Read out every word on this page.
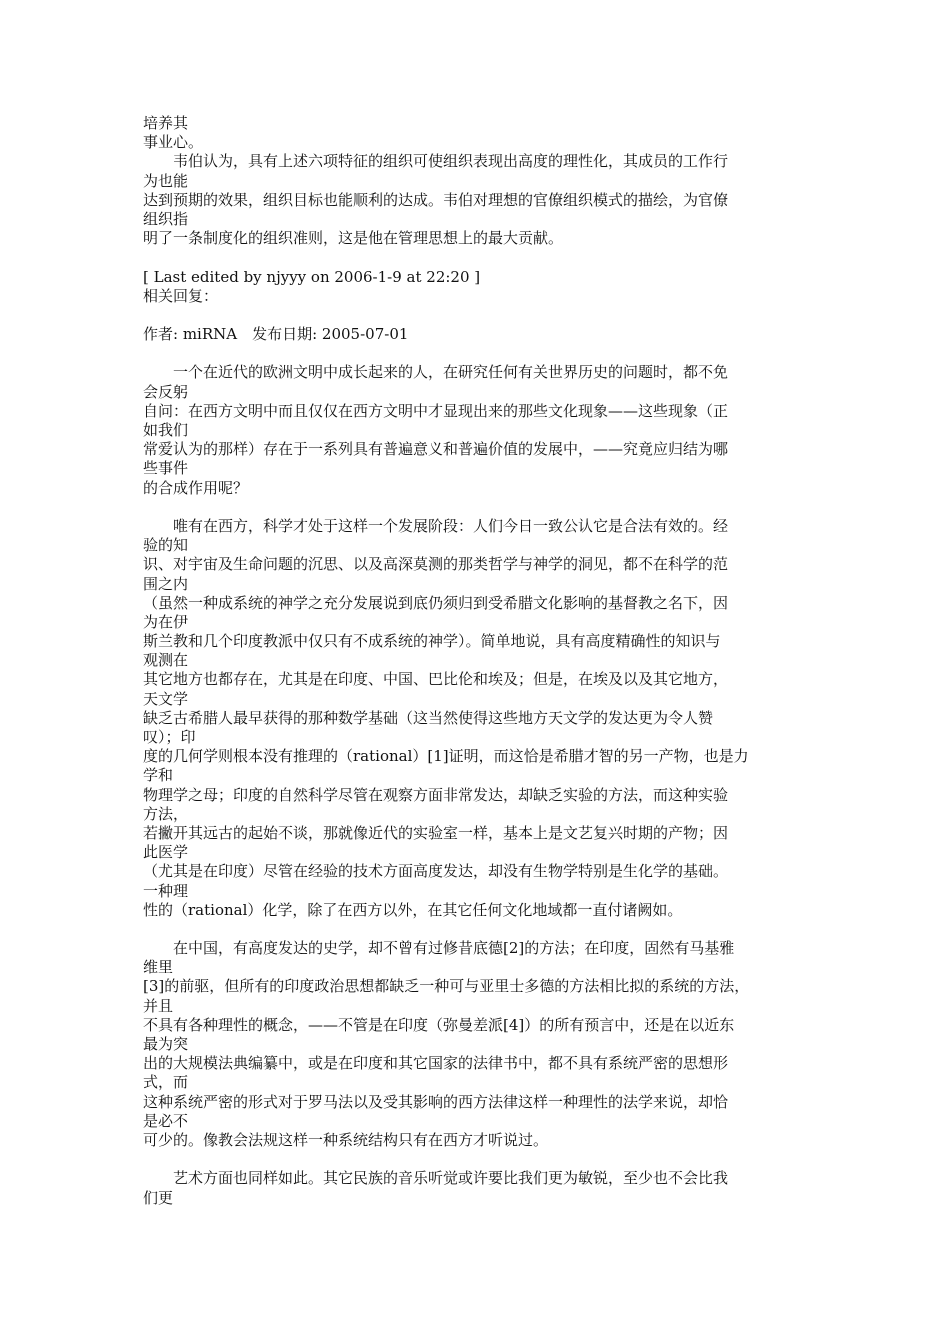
培养其
事业心。
　　韦伯认为，具有上述六项特征的组织可使组织表现出高度的理性化，其成员的工作行
为也能
达到预期的效果，组织目标也能顺利的达成。韦伯对理想的官僚组织模式的描绘，为官僚
组织指
明了一条制度化的组织准则，这是他在管理思想上的最大贡献。
[ Last edited by njyyy on 2006-1-9 at 22:20 ]
相关回复：
作者: miRNA　发布日期: 2005-07-01
　　一个在近代的欧洲文明中成长起来的人，在研究任何有关世界历史的问题时，都不免
会反躬
自问：在西方文明中而且仅仅在西方文明中才显现出来的那些文化现象——这些现象（正
如我们
常爱认为的那样）存在于一系列具有普遍意义和普遍价值的发展中，——究竟应归结为哪
些事件
的合成作用呢？
　　唯有在西方，科学才处于这样一个发展阶段：人们今日一致公认它是合法有效的。经
验的知
识、对宇宙及生命问题的沉思、以及高深莫测的那类哲学与神学的洞见，都不在科学的范
围之内
（虽然一种成系统的神学之充分发展说到底仍须归到受希腊文化影响的基督教之名下，因
为在伊
斯兰教和几个印度教派中仅只有不成系统的神学）。简单地说，具有高度精确性的知识与
观测在
其它地方也都存在，尤其是在印度、中国、巴比伦和埃及；但是，在埃及以及其它地方，
天文学
缺乏古希腊人最早获得的那种数学基础（这当然使得这些地方天文学的发达更为令人赞
叹）；印
度的几何学则根本没有推理的（rational）[1]证明，而这恰是希腊才智的另一产物，也是力
学和
物理学之母；印度的自然科学尽管在观察方面非常发达，却缺乏实验的方法，而这种实验
方法，
若撇开其远古的起始不谈，那就像近代的实验室一样，基本上是文艺复兴时期的产物；因
此医学
（尤其是在印度）尽管在经验的技术方面高度发达，却没有生物学特别是生化学的基础。
一种理
性的（rational）化学，除了在西方以外，在其它任何文化地域都一直付诸阙如。
　　在中国，有高度发达的史学，却不曾有过修昔底德[2]的方法；在印度，固然有马基雅
维里
[3]的前驱，但所有的印度政治思想都缺乏一种可与亚里士多德的方法相比拟的系统的方法，
并且
不具有各种理性的概念，——不管是在印度（弥曼差派[4]）的所有预言中，还是在以近东
最为突
出的大规模法典编纂中，或是在印度和其它国家的法律书中，都不具有系统严密的思想形
式，而
这种系统严密的形式对于罗马法以及受其影响的西方法律这样一种理性的法学来说，却恰
是必不
可少的。像教会法规这样一种系统结构只有在西方才听说过。
　　艺术方面也同样如此。其它民族的音乐听觉或许要比我们更为敏锐，至少也不会比我
们更
